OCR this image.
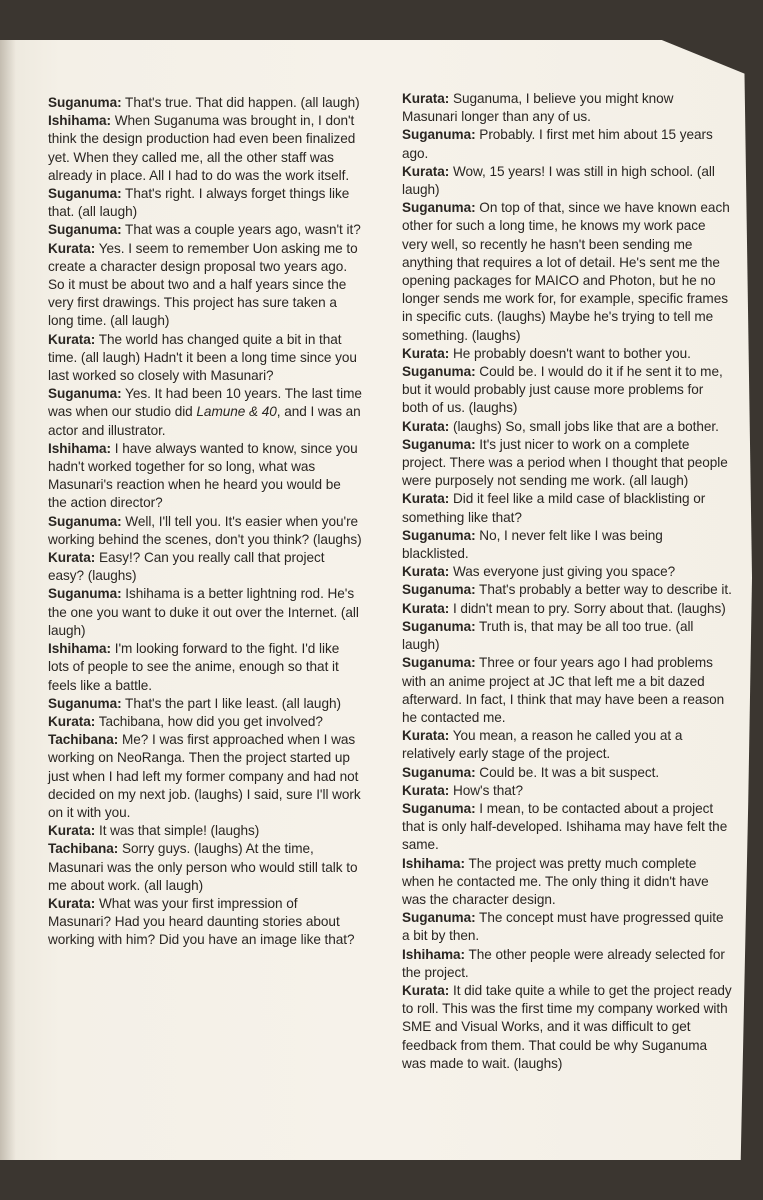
Suganuma: That's true. That did happen. (all laugh)

Ishihama: When Suganuma was brought in, I don't think the design production had even been finalized yet. When they called me, all the other staff was already in place. All I had to do was the work itself.

Suganuma: That's right. I always forget things like that. (all laugh)

Suganuma: That was a couple years ago, wasn't it?

Kurata: Yes. I seem to remember Uon asking me to create a character design proposal two years ago. So it must be about two and a half years since the very first drawings. This project has sure taken a long time. (all laugh)

Kurata: The world has changed quite a bit in that time. (all laugh) Hadn't it been a long time since you last worked so closely with Masunari?

Suganuma: Yes. It had been 10 years. The last time was when our studio did Lamune & 40, and I was an actor and illustrator.

Ishihama: I have always wanted to know, since you hadn't worked together for so long, what was Masunari's reaction when he heard you would be the action director?

Suganuma: Well, I'll tell you. It's easier when you're working behind the scenes, don't you think? (laughs)

Kurata: Easy!? Can you really call that project easy? (laughs)

Suganuma: Ishihama is a better lightning rod. He's the one you want to duke it out over the Internet. (all laugh)

Ishihama: I'm looking forward to the fight. I'd like lots of people to see the anime, enough so that it feels like a battle.

Suganuma: That's the part I like least. (all laugh)

Kurata: Tachibana, how did you get involved?

Tachibana: Me? I was first approached when I was working on NeoRanga. Then the project started up just when I had left my former company and had not decided on my next job. (laughs) I said, sure I'll work on it with you.

Kurata: It was that simple! (laughs)

Tachibana: Sorry guys. (laughs) At the time, Masunari was the only person who would still talk to me about work. (all laugh)

Kurata: What was your first impression of Masunari? Had you heard daunting stories about working with him? Did you have an image like that?

Kurata: Suganuma, I believe you might know Masunari longer than any of us.

Suganuma: Probably. I first met him about 15 years ago.

Kurata: Wow, 15 years! I was still in high school. (all laugh)

Suganuma: On top of that, since we have known each other for such a long time, he knows my work pace very well, so recently he hasn't been sending me anything that requires a lot of detail. He's sent me the opening packages for MAICO and Photon, but he no longer sends me work for, for example, specific frames in specific cuts. (laughs) Maybe he's trying to tell me something. (laughs)

Kurata: He probably doesn't want to bother you.

Suganuma: Could be. I would do it if he sent it to me, but it would probably just cause more problems for both of us. (laughs)

Kurata: (laughs) So, small jobs like that are a bother.

Suganuma: It's just nicer to work on a complete project. There was a period when I thought that people were purposely not sending me work. (all laugh)

Kurata: Did it feel like a mild case of blacklisting or something like that?

Suganuma: No, I never felt like I was being blacklisted.

Kurata: Was everyone just giving you space?

Suganuma: That's probably a better way to describe it.

Kurata: I didn't mean to pry. Sorry about that. (laughs)

Suganuma: Truth is, that may be all too true. (all laugh)

Suganuma: Three or four years ago I had problems with an anime project at JC that left me a bit dazed afterward. In fact, I think that may have been a reason he contacted me.

Kurata: You mean, a reason he called you at a relatively early stage of the project.

Suganuma: Could be. It was a bit suspect.

Kurata: How's that?

Suganuma: I mean, to be contacted about a project that is only half-developed. Ishihama may have felt the same.

Ishihama: The project was pretty much complete when he contacted me. The only thing it didn't have was the character design.

Suganuma: The concept must have progressed quite a bit by then.

Ishihama: The other people were already selected for the project.

Kurata: It did take quite a while to get the project ready to roll. This was the first time my company worked with SME and Visual Works, and it was difficult to get feedback from them. That could be why Suganuma was made to wait. (laughs)
